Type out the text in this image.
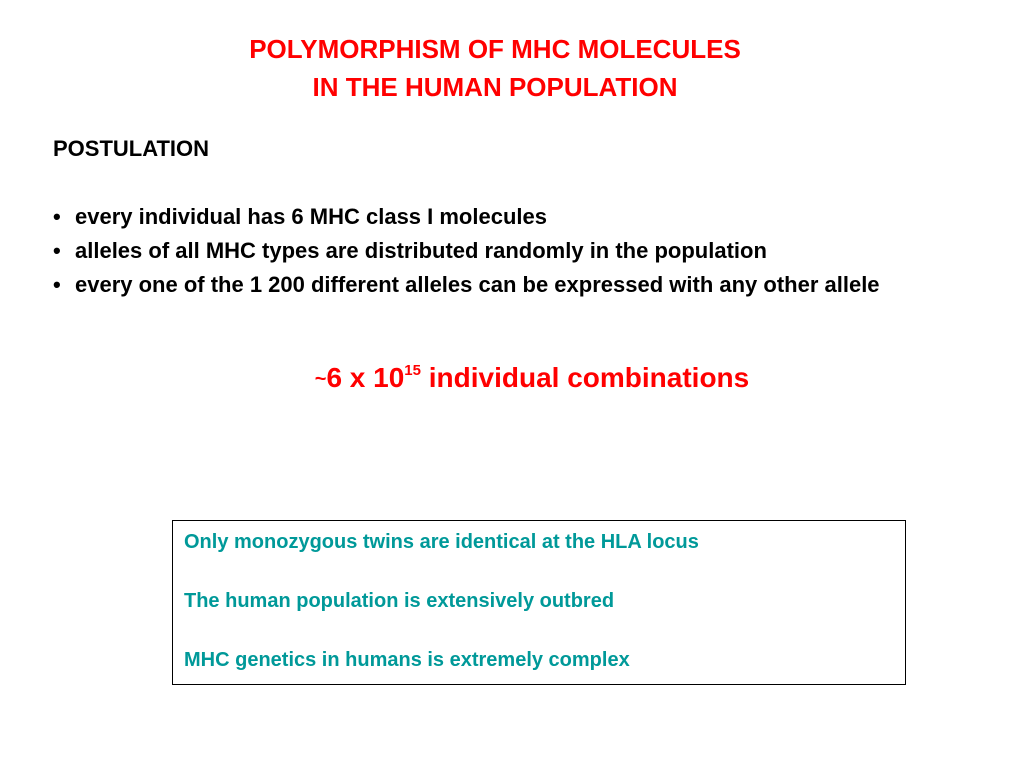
POLYMORPHISM OF MHC MOLECULES
IN THE HUMAN POPULATION
POSTULATION
• every individual has 6 MHC class I molecules
• alleles of all MHC types are distributed randomly in the population
• every one of the 1 200 different alleles can be expressed with any other allele
~6 x $10^{15}$ individual combinations

Only monozygous twins are identical at the HLA locus

The human population is extensively outbred

MHC genetics in humans is extremely complex
